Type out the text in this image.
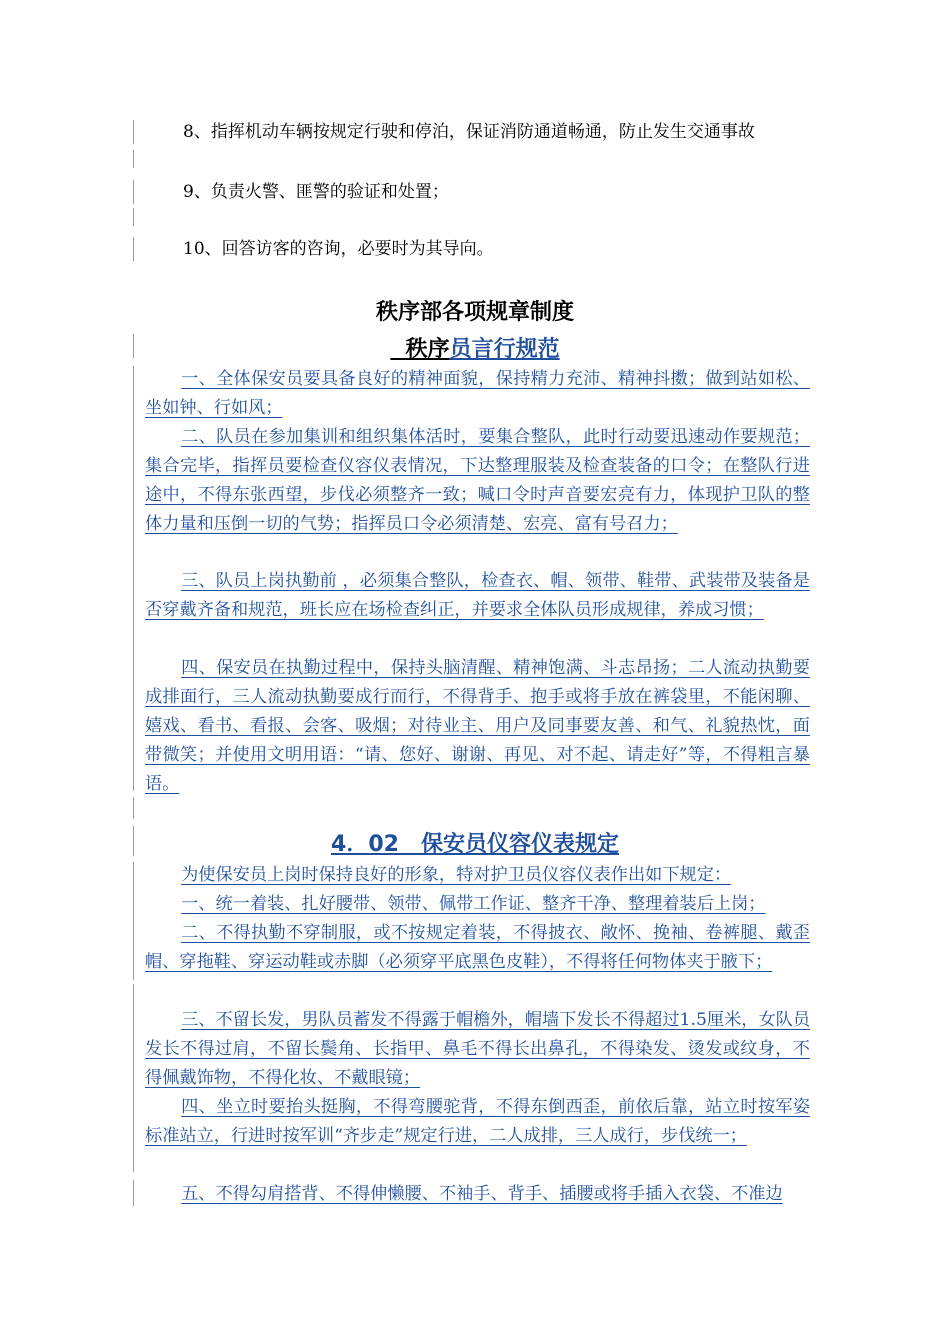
8、指挥机动车辆按规定行驶和停泊，保证消防通道畅通，防止发生交通事故
9、负责火警、匪警的验证和处置；
10、回答访客的咨询，必要时为其导向。
秩序部各项规章制度
秩序员言行规范
一、全体保安员要具备良好的精神面貌，保持精力充沛、精神抖擞；做到站如松、坐如钟、行如风；
二、队员在参加集训和组织集体活时，要集合整队，此时行动要迅速动作要规范；集合完毕，指挥员要检查仪容仪表情况，下达整理服装及检查装备的口令；在整队行进途中，不得东张西望，步伐必须整齐一致；喊口令时声音要宏亮有力，体现护卫队的整体力量和压倒一切的气势；指挥员口令必须清楚、宏亮、富有号召力；
三、队员上岗执勤前 ，必须集合整队，检查衣、帽、领带、鞋带、武装带及装备是否穿戴齐备和规范，班长应在场检查纠正，并要求全体队员形成规律，养成习惯；
四、保安员在执勤过程中，保持头脑清醒、精神饱满、斗志昂扬；二人流动执勤要成排面行，三人流动执勤要成行而行，不得背手、抱手或将手放在裤袋里，不能闲聊、嬉戏、看书、看报、会客、吸烟；对待业主、用户及同事要友善、和气、礼貌热忱，面带微笑；并使用文明用语：“请、您好、谢谢、再见、对不起、请走好”等，不得粗言暴语。
4．02　保安员仪容仪表规定
为使保安员上岗时保持良好的形象，特对护卫员仪容仪表作出如下规定：
一、统一着装、扎好腰带、领带、佩带工作证、整齐干净、整理着装后上岗；
二、不得执勤不穿制服，或不按规定着装，不得披衣、敞怀、挽袖、卷裤腿、戴歪帽、穿拖鞋、穿运动鞋或赤脚（必须穿平底黑色皮鞋），不得将任何物体夹于腋下；
三、不留长发，男队员蓄发不得露于帽檐外，帽墙下发长不得超过1.5厘米，女队员发长不得过肩，不留长鬓角、长指甲、鼻毛不得长出鼻孔，不得染发、烫发或纹身，不得佩戴饰物，不得化妆、不戴眼镜；
四、坐立时要抬头挺胸，不得弯腰驼背，不得东倒西歪，前依后靠，站立时按军姿标准站立，行进时按军训“齐步走”规定行进，二人成排，三人成行，步伐统一；
五、不得勾肩搭背、不得伸懒腰、不袖手、背手、插腰或将手插入衣袋、不准边
